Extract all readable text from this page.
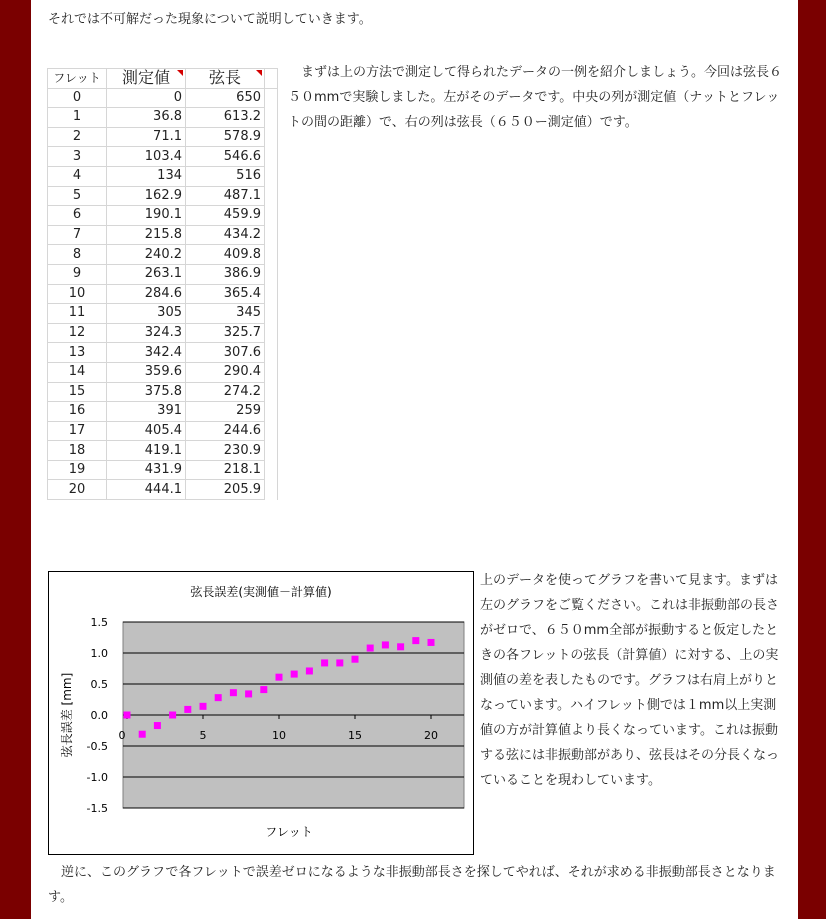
それでは不可解だった現象について説明していきます。

フレット	測定値	弦長

0	0	650	
1	36.8	613.2	
2	71.1	578.9	
3	103.4	546.6	
4	134	516	
5	162.9	487.1	
6	190.1	459.9	
7	215.8	434.2	
8	240.2	409.8	
9	263.1	386.9	
10	284.6	365.4	
11	305	345	
12	324.3	325.7	
13	342.4	307.6	
14	359.6	290.4	
15	375.8	274.2	
16	391	259	
17	405.4	244.6	
18	419.1	230.9	
19	431.9	218.1	
20	444.1	205.9	

まずは上の方法で測定して得られたデータの一例を紹介しましょう。今回は弦長６５０mmで実験しました。左がそのデータです。中央の列が測定値（ナットとフレットの間の距離）で、右の列は弦長（６５０ー測定値）です。

1.5
1.0
0.5
0.0
-0.5
-1.0
-1.5
0	5	10	15	20
弦長誤差(実測値－計算値)
フレット
弦長誤差 [mm]

上のデータを使ってグラフを書いて見ます。まずは左のグラフをご覧ください。これは非振動部の長さがゼロで、６５０mm全部が振動すると仮定したときの各フレットの弦長（計算値）に対する、上の実測値の差を表したものです。グラフは右肩上がりとなっています。ハイフレット側では１mm以上実測値の方が計算値より長くなっています。これは振動する弦には非振動部があり、弦長はその分長くなっていることを現わしています。

逆に、このグラフで各フレットで誤差ゼロになるような非振動部長さを探してやれば、それが求める非振動部長さとなります。
